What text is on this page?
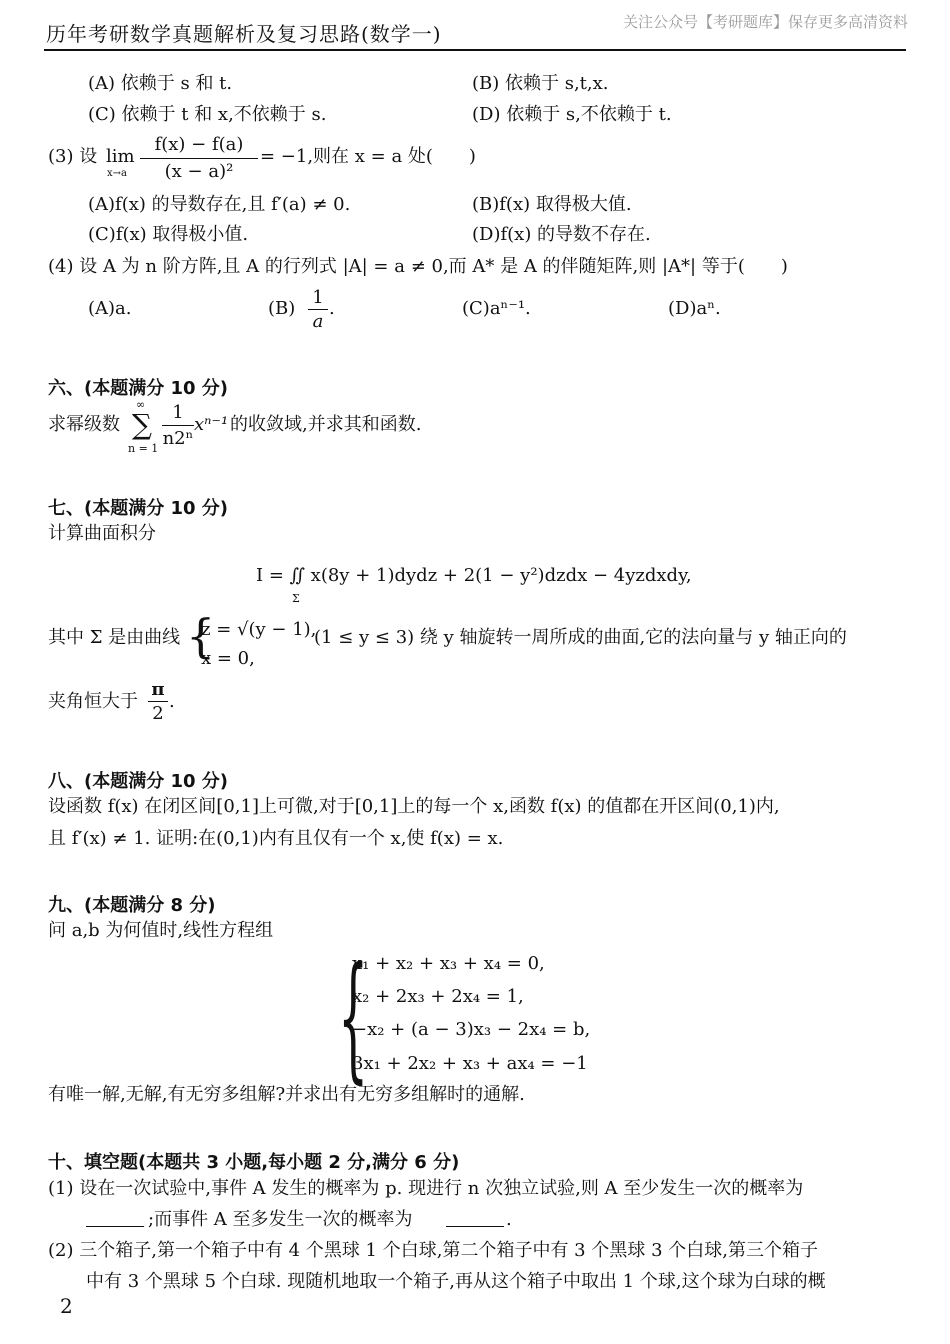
历年考研数学真题解析及复习思路(数学一)	关注公众号【考研题库】保存更多高清资料
(A) 依赖于 s 和 t.	(B) 依赖于 s,t,x.
(C) 依赖于 t 和 x,不依赖于 s.	(D) 依赖于 s,不依赖于 t.
(3) 设 lim
x→a
f(x) − f(a)
(x − a)²
= −1,则在 x = a 处(　　)
(A)f(x) 的导数存在,且 f′(a) ≠ 0.	(B)f(x) 取得极大值.
(C)f(x) 取得极小值.	(D)f(x) 的导数不存在.
(4) 设 A 为 n 阶方阵,且 A 的行列式 |A| = a ≠ 0,而 A* 是 A 的伴随矩阵,则 |A*| 等于(　　)
(A)a.	(B)
1
a
.	(C)aⁿ⁻¹.	(D)aⁿ.
六、(本题满分 10 分)
求幂级数
∞
∑
n = 1
1
n2ⁿ
xⁿ⁻¹ 的收敛域,并求其和函数.
七、(本题满分 10 分)
计算曲面积分
I = ∬ x(8y + 1)dydz + 2(1 − y²)dzdx − 4yzdxdy,
Σ
其中 Σ 是由曲线 {
z = √(y − 1),
x = 0,
(1 ≤ y ≤ 3) 绕 y 轴旋转一周所成的曲面,它的法向量与 y 轴正向的
夹角恒大于
π
2
.
八、(本题满分 10 分)
设函数 f(x) 在闭区间[0,1]上可微,对于[0,1]上的每一个 x,函数 f(x) 的值都在开区间(0,1)内,
且 f′(x) ≠ 1. 证明:在(0,1)内有且仅有一个 x,使 f(x) = x.
九、(本题满分 8 分)
问 a,b 为何值时,线性方程组
{
x₁ + x₂ + x₃ + x₄ = 0,
x₂ + 2x₃ + 2x₄ = 1,
−x₂ + (a − 3)x₃ − 2x₄ = b,
3x₁ + 2x₂ + x₃ + ax₄ = −1
有唯一解,无解,有无穷多组解?并求出有无穷多组解时的通解.
十、填空题(本题共 3 小题,每小题 2 分,满分 6 分)
(1) 设在一次试验中,事件 A 发生的概率为 p. 现进行 n 次独立试验,则 A 至少发生一次的概率为
;而事件 A 至多发生一次的概率为	.
(2) 三个箱子,第一个箱子中有 4 个黑球 1 个白球,第二个箱子中有 3 个黑球 3 个白球,第三个箱子
中有 3 个黑球 5 个白球. 现随机地取一个箱子,再从这个箱子中取出 1 个球,这个球为白球的概
2
